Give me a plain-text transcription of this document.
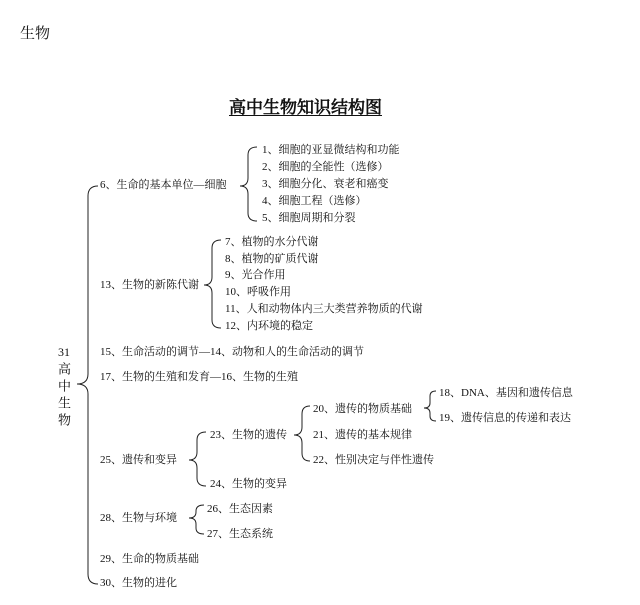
生物
高中生物知识结构图
31
高中生物
6、生命的基本单位—细胞
1、细胞的亚显微结构和功能
2、细胞的全能性（选修）
3、细胞分化、衰老和癌变
4、细胞工程（选修）
5、细胞周期和分裂
13、生物的新陈代谢
7、植物的水分代谢
8、植物的矿质代谢
9、光合作用
10、呼吸作用
11、人和动物体内三大类营养物质的代谢
12、内环境的稳定
15、生命活动的调节—14、动物和人的生命活动的调节
17、生物的生殖和发育—16、生物的生殖
25、遗传和变异
23、生物的遗传
20、遗传的物质基础
18、DNA、基因和遗传信息
19、遗传信息的传递和表达
21、遗传的基本规律
22、性别决定与伴性遗传
24、生物的变异
28、生物与环境
26、生态因素
27、生态系统
29、生命的物质基础
30、生物的进化
